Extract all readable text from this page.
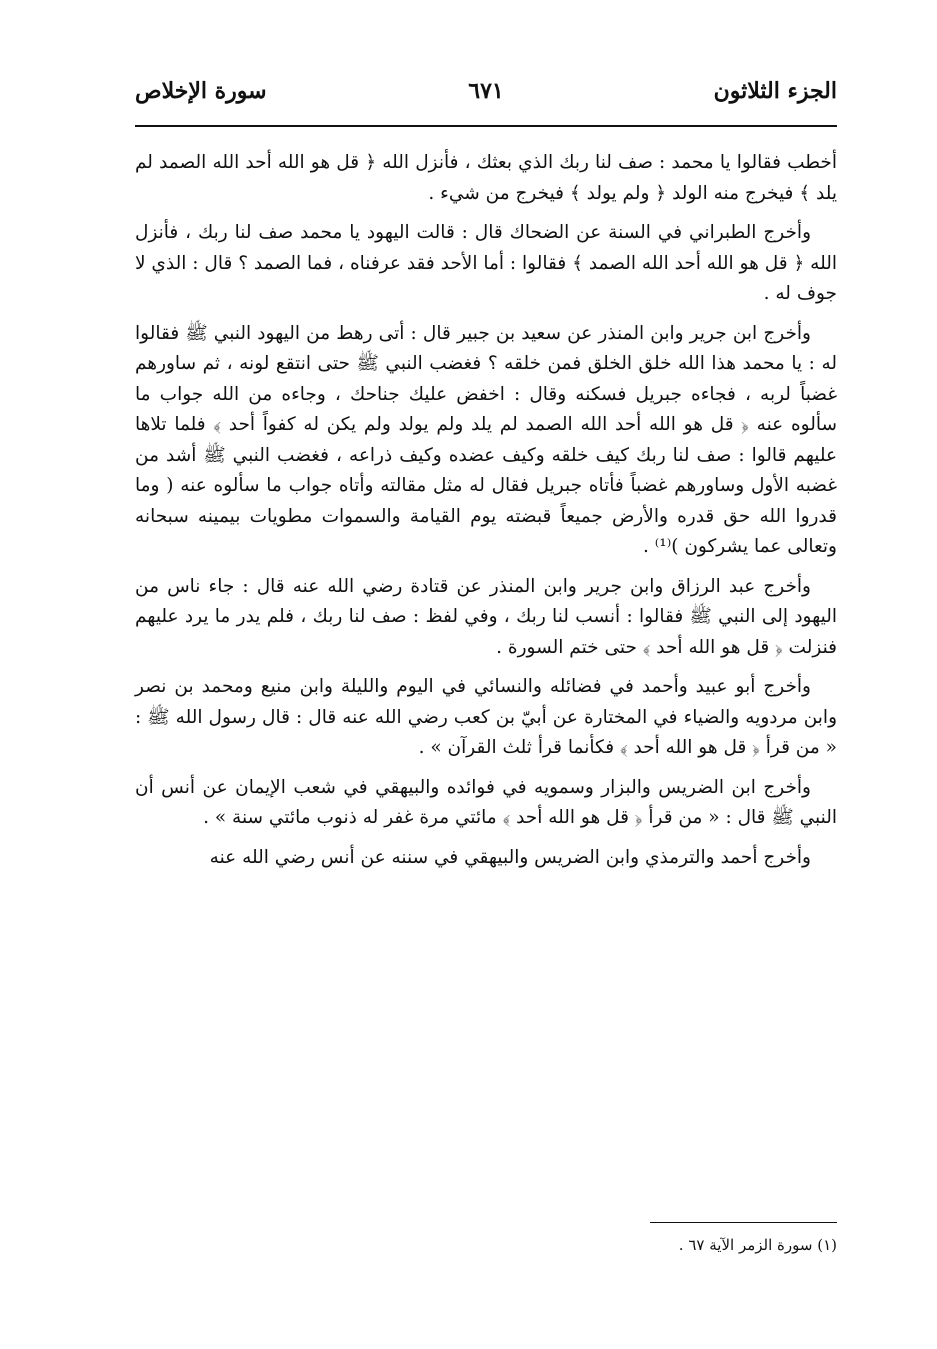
الجزء الثلاثون
٦٧١
سورة الإخلاص

أخطب فقالوا يا محمد : صف لنا ربك الذي بعثك ، فأنزل الله ﴿ قل هو الله أحد الله الصمد لم يلد ﴾ فيخرج منه الولد ﴿ ولم يولد ﴾ فيخرج من شيء .

وأخرج الطبراني في السنة عن الضحاك قال : قالت اليهود يا محمد صف لنا ربك ، فأنزل الله ﴿ قل هو الله أحد الله الصمد ﴾ فقالوا : أما الأحد فقد عرفناه ، فما الصمد ؟ قال : الذي لا جوف له .

وأخرج ابن جرير وابن المنذر عن سعيد بن جبير قال : أتى رهط من اليهود النبي ﷺ فقالوا له : يا محمد هذا الله خلق الخلق فمن خلقه ؟ فغضب النبي ﷺ حتى انتقع لونه ، ثم ساورهم غضباً لربه ، فجاءه جبريل فسكنه وقال : اخفض عليك جناحك ، وجاءه من الله جواب ما سألوه عنه ﴿ قل هو الله أحد الله الصمد لم يلد ولم يولد ولم يكن له كفواً أحد ﴾ فلما تلاها عليهم قالوا : صف لنا ربك كيف خلقه وكيف عضده وكيف ذراعه ، فغضب النبي ﷺ أشد من غضبه الأول وساورهم غضباً فأتاه جبريل فقال له مثل مقالته وأتاه جواب ما سألوه عنه ( وما قدروا الله حق قدره والأرض جميعاً قبضته يوم القيامة والسموات مطويات بيمينه سبحانه وتعالى عما يشركون )⁽¹⁾ .

وأخرج عبد الرزاق وابن جرير وابن المنذر عن قتادة رضي الله عنه قال : جاء ناس من اليهود إلى النبي ﷺ فقالوا : أنسب لنا ربك ، وفي لفظ : صف لنا ربك ، فلم يدر ما يرد عليهم فنزلت ﴿ قل هو الله أحد ﴾ حتى ختم السورة .

وأخرج أبو عبيد وأحمد في فضائله والنسائي في اليوم والليلة وابن منيع ومحمد بن نصر وابن مردويه والضياء في المختارة عن أبيّ بن كعب رضي الله عنه قال : قال رسول الله ﷺ : « من قرأ ﴿ قل هو الله أحد ﴾ فكأنما قرأ ثلث القرآن » .

وأخرج ابن الضريس والبزار وسمويه في فوائده والبيهقي في شعب الإيمان عن أنس أن النبي ﷺ قال : « من قرأ ﴿ قل هو الله أحد ﴾ مائتي مرة غفر له ذنوب مائتي سنة » .

وأخرج أحمد والترمذي وابن الضريس والبيهقي في سننه عن أنس رضي الله عنه

(١) سورة الزمر الآية ٦٧ .
